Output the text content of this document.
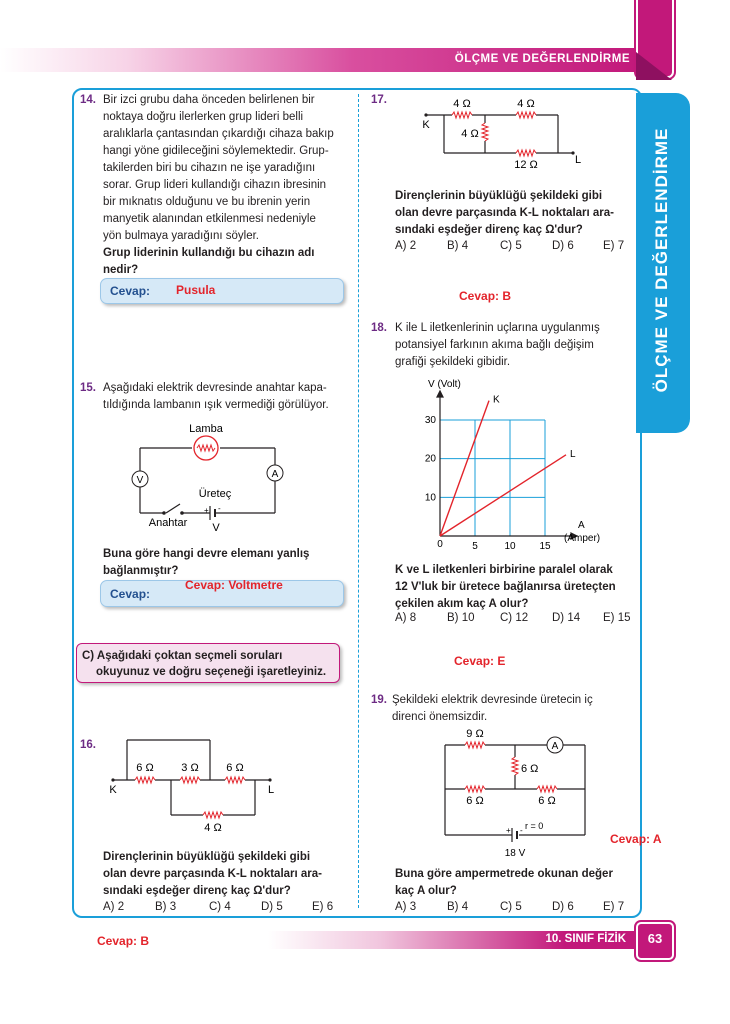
ÖLÇME VE DEĞERLENDİRME
ÖLÇME VE DEĞERLENDİRME
14. Bir izci grubu daha önceden belirlenen bir
noktaya doğru ilerlerken grup lideri belli
aralıklarla çantasından çıkardığı cihaza bakıp
hangi yöne gidileceğini söylemektedir. Grup-
takilerden biri bu cihazın ne işe yaradığını
sorar. Grup lideri kullandığı cihazın ibresinin
bir mıknatıs olduğunu ve bu ibrenin yerin
manyetik alanından etkilenmesi nedeniyle
yön bulmaya yaradığını söyler.
Grup liderinin kullandığı bu cihazın adı
nedir?
Cevap: Pusula
15. Aşağıdaki elektrik devresinde anahtar kapa-
tıldığında lambanın ışık vermediği görülüyor.
V
A
Lamba
Üreteç
+ -
Anahtar V
Buna göre hangi devre elemanı yanlış
bağlanmıştır?
Cevap:
Cevap: Voltmetre
C) Aşağıdaki çoktan seçmeli soruları
okuyunuz ve doğru seçeneği işaretleyiniz.
16.
6 Ω	3 Ω	6 Ω
4 Ω
K	L
Dirençlerinin büyüklüğü şekildeki gibi
olan devre parçasında K-L noktaları ara-
sındaki eşdeğer direnç kaç Ω'dur?
A) 2	B) 3	C) 4	D) 5	E) 6
17.	4 Ω	4 Ω
4 Ω
12 Ω
K
L
Dirençlerinin büyüklüğü şekildeki gibi
olan devre parçasında K-L noktaları ara-
sındaki eşdeğer direnç kaç Ω'dur?
A) 2	B) 4	C) 5	D) 6	E) 7
Cevap: B
18. K ile L iletkenlerinin uçlarına uygulanmış
potansiyel farkının akıma bağlı değişim
grafiği şekildeki gibidir.
5	10 15
10
20
30
K
L
V (Volt)
A
(Amper)
0
K ve L iletkenleri birbirine paralel olarak
12 V'luk bir üretece bağlanırsa üreteçten
çekilen akım kaç A olur?
A) 8	B) 10	C) 12	D) 14	E) 15
Cevap: E
19. Şekildeki elektrik devresinde üretecin iç
direnci önemsizdir.
A
9 Ω
6 Ω
6 Ω	6 Ω
r = 0
+ -
18 V
Cevap: A
Buna göre ampermetrede okunan değer
kaç A olur?
A) 3	B) 4	C) 5	D) 6	E) 7
Cevap: B	10. SINIF FİZİK	63
